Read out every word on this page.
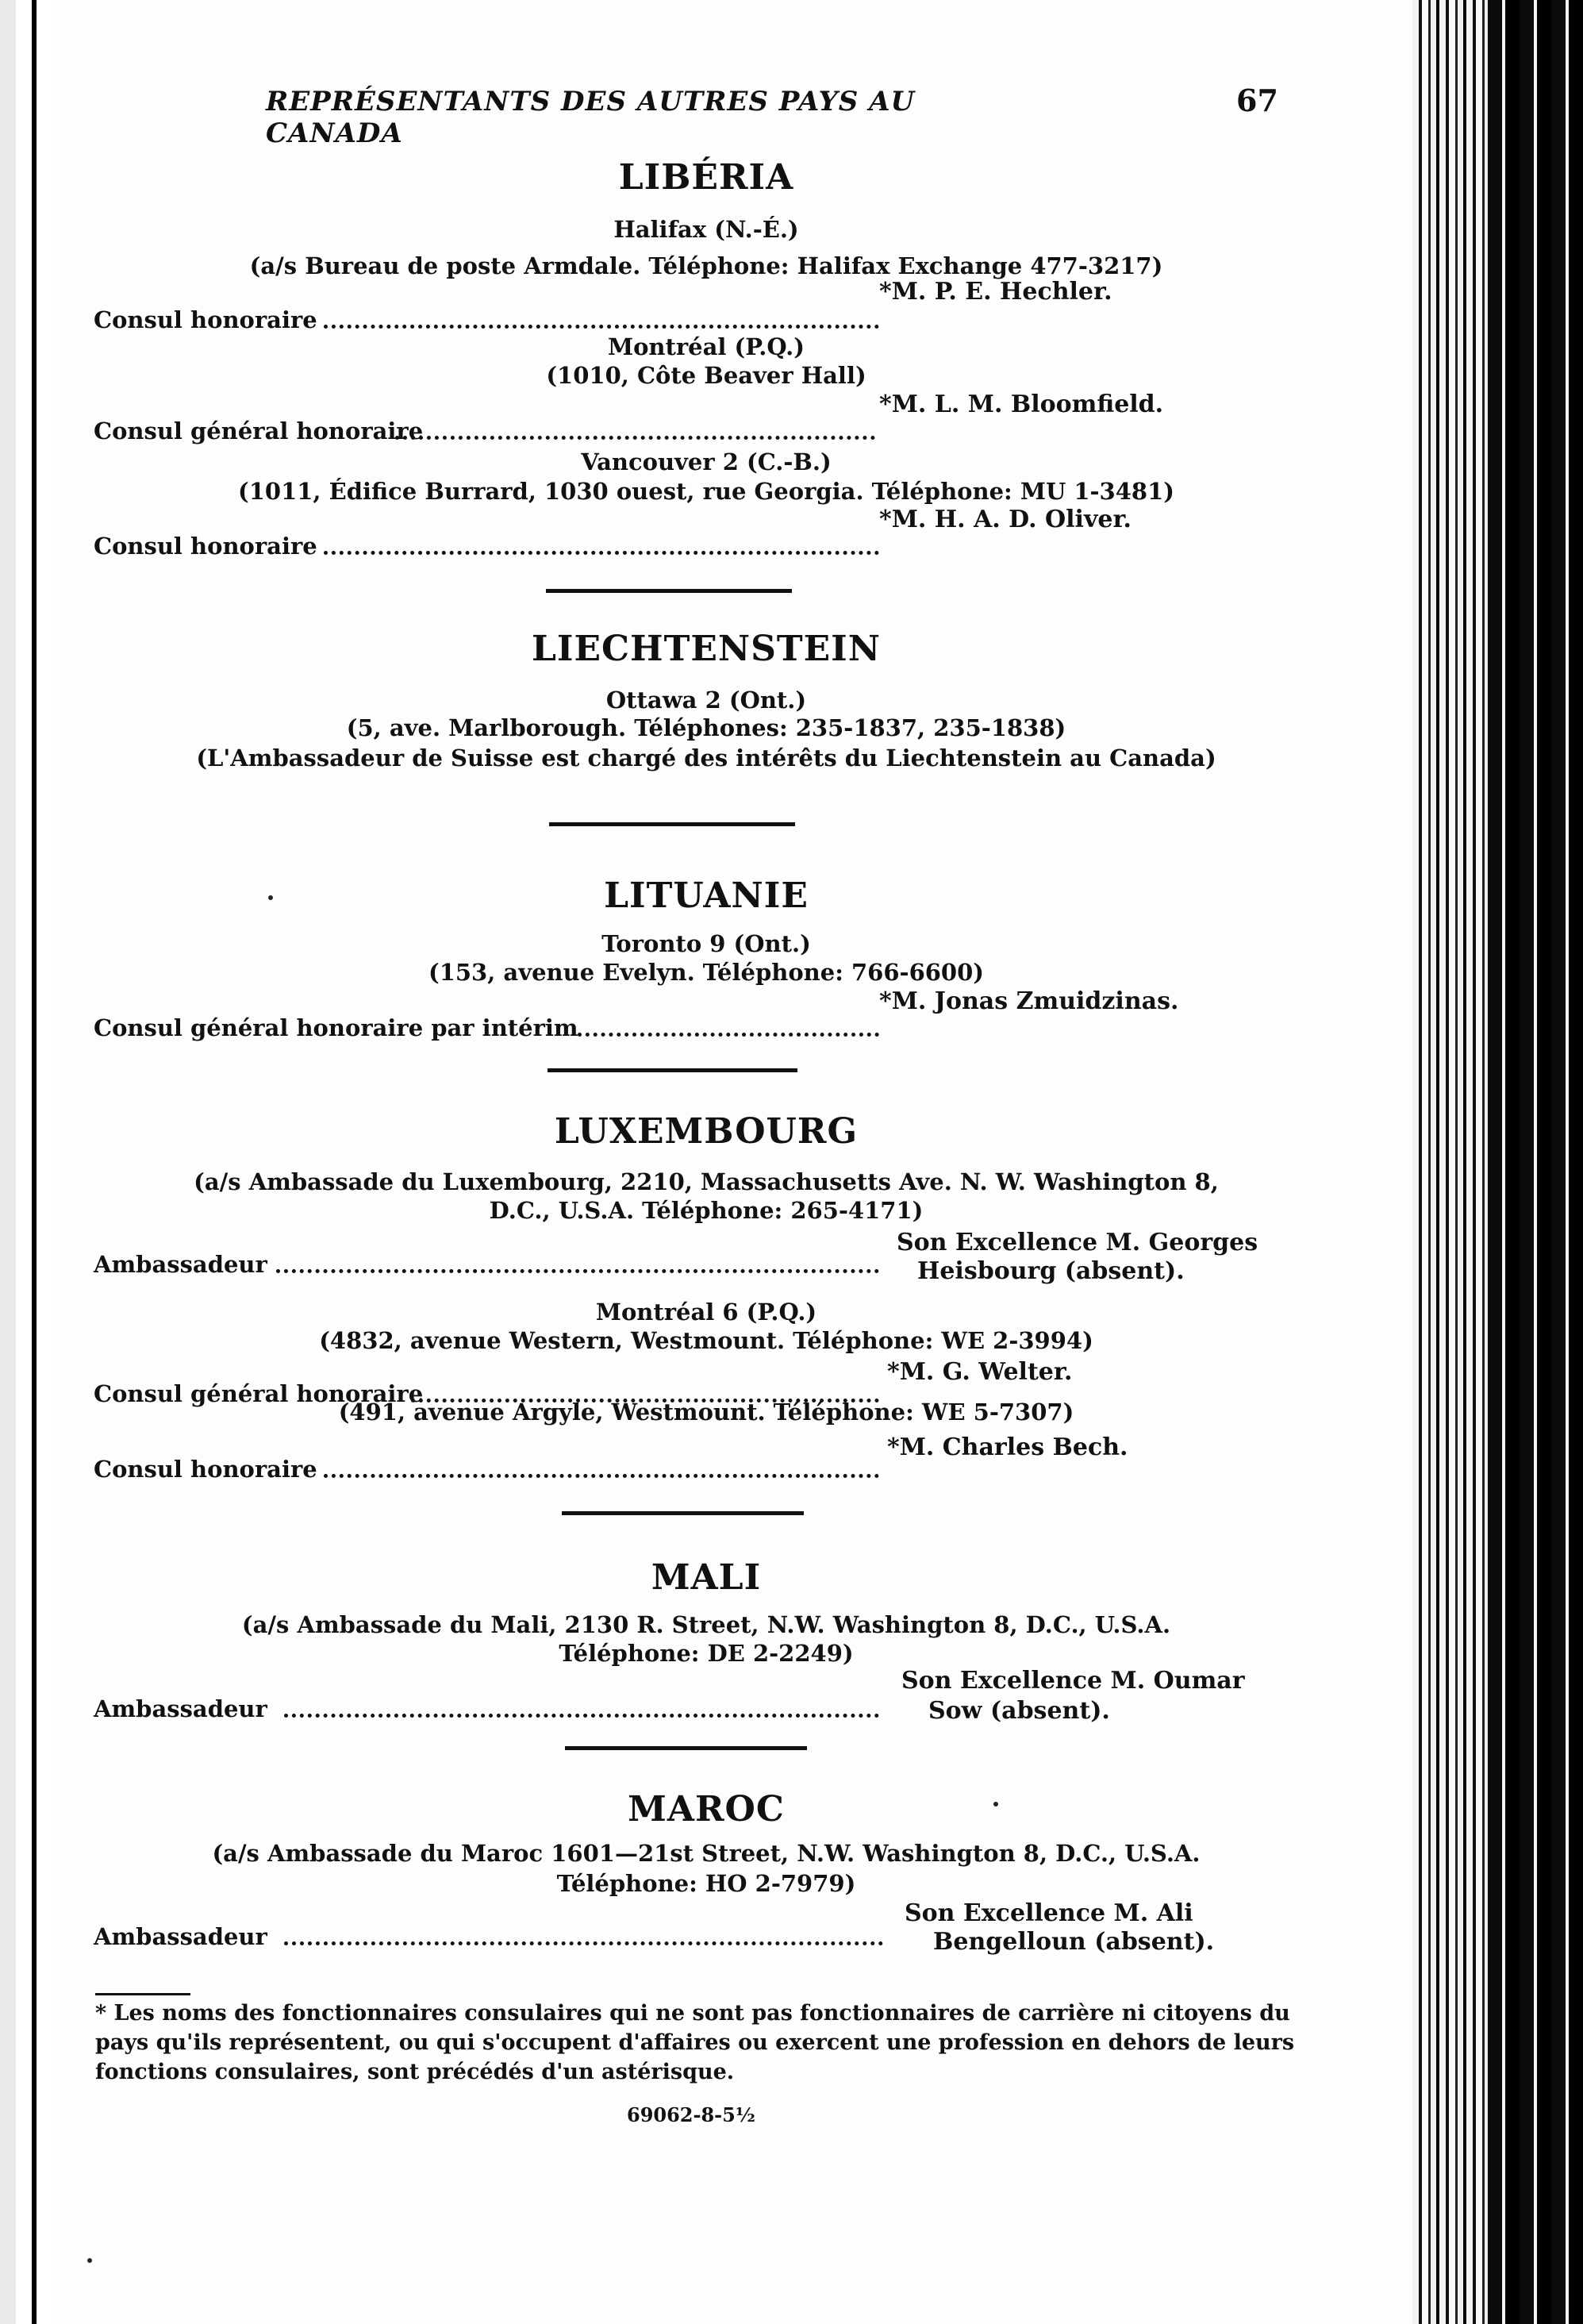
REPRÉSENTANTS DES AUTRES PAYS AU CANADA
67
LIBÉRIA
Halifax (N.-É.)
(a/s Bureau de poste Armdale. Téléphone: Halifax Exchange 477-3217)
Consul honoraire
*M. P. E. Hechler.
Montréal (P.Q.)
(1010, Côte Beaver Hall)
Consul général honoraire
*M. L. M. Bloomfield.
Vancouver 2 (C.-B.)
(1011, Édifice Burrard, 1030 ouest, rue Georgia. Téléphone: MU 1-3481)
Consul honoraire
*M. H. A. D. Oliver.
LIECHTENSTEIN
Ottawa 2 (Ont.)
(5, ave. Marlborough. Téléphones: 235-1837, 235-1838)
(L'Ambassadeur de Suisse est chargé des intérêts du Liechtenstein au Canada)
LITUANIE
Toronto 9 (Ont.)
(153, avenue Evelyn. Téléphone: 766-6600)
Consul général honoraire par intérim
*M. Jonas Zmuidzinas.
LUXEMBOURG
(a/s Ambassade du Luxembourg, 2210, Massachusetts Ave. N. W. Washington 8,
D.C., U.S.A. Téléphone: 265-4171)
Ambassadeur
Son Excellence M. Georges
Heisbourg (absent).
Montréal 6 (P.Q.)
(4832, avenue Western, Westmount. Téléphone: WE 2-3994)
Consul général honoraire
*M. G. Welter.
(491, avenue Argyle, Westmount. Téléphone: WE 5-7307)
Consul honoraire
*M. Charles Bech.
MALI
(a/s Ambassade du Mali, 2130 R. Street, N.W. Washington 8, D.C., U.S.A.
Téléphone: DE 2-2249)
Ambassadeur
Son Excellence M. Oumar
Sow (absent).
MAROC
(a/s Ambassade du Maroc 1601—21st Street, N.W. Washington 8, D.C., U.S.A.
Téléphone: HO 2-7979)
Ambassadeur
Son Excellence M. Ali
Bengelloun (absent).
* Les noms des fonctionnaires consulaires qui ne sont pas fonctionnaires de carrière ni citoyens du pays qu'ils représentent, ou qui s'occupent d'affaires ou exercent une profession en dehors de leurs fonctions consulaires, sont précédés d'un astérisque.
69062-8-5½
